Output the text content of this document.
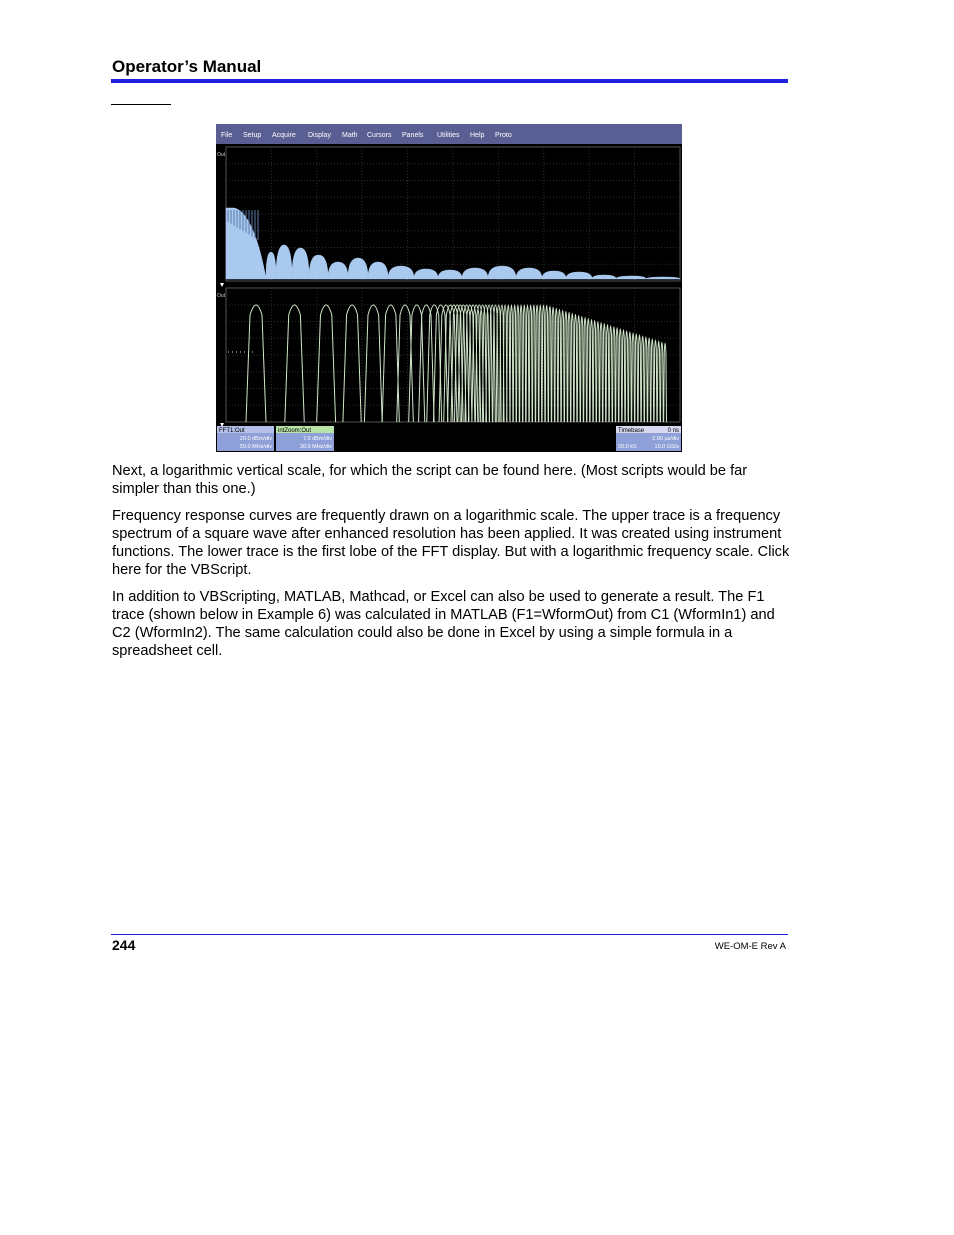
Operator’s Manual
File Setup Acquire Display Math Cursors Panels Utilities Help Proto
Out
Out
FFT1:Out
20.0 dBm/div
50.0 MHz/div
intZoom:Out
7.0 dBm/div
30.0 MHz/div
Timebase	0 ns
2.00 µs/div
20.0 kS	10.0 GS/s

Next, a logarithmic vertical scale, for which the script can be found here. (Most scripts would be far simpler than this one.)

Frequency response curves are frequently drawn on a logarithmic scale. The upper trace is a frequency spectrum of a square wave after enhanced resolution has been applied. It was created using instrument functions. The lower trace is the first lobe of the FFT display. But with a logarithmic frequency scale. Click here for the VBScript.

In addition to VBScripting, MATLAB, Mathcad, or Excel can also be used to generate a result. The F1 trace (shown below in Example 6) was calculated in MATLAB (F1=WformOut) from C1 (WformIn1) and C2 (WformIn2). The same calculation could also be done in Excel by using a simple formula in a spreadsheet cell.

244	WE-OM-E Rev A
